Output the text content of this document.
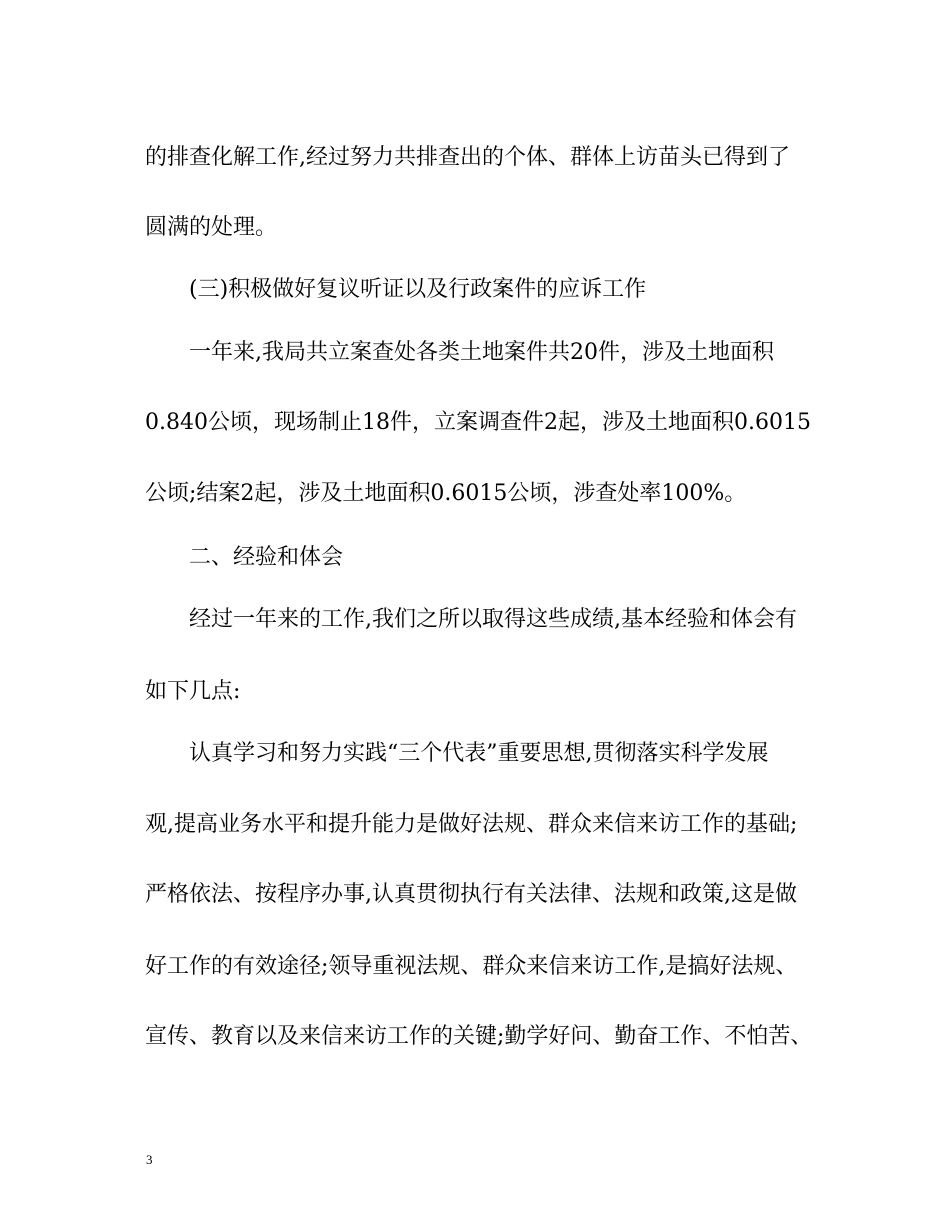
的排查化解工作,经过努力共排查出的个体、群体上访苗头已得到了

圆满的处理。

(三)积极做好复议听证以及行政案件的应诉工作

一年来,我局共立案查处各类土地案件共20件，涉及土地面积

0.840公顷，现场制止18件，立案调查件2起，涉及土地面积0.6015

公顷;结案2起，涉及土地面积0.6015公顷，涉查处率100%。

二、经验和体会

经过一年来的工作,我们之所以取得这些成绩,基本经验和体会有

如下几点:

认真学习和努力实践“三个代表”重要思想,贯彻落实科学发展

观,提高业务水平和提升能力是做好法规、群众来信来访工作的基础;

严格依法、按程序办事,认真贯彻执行有关法律、法规和政策,这是做

好工作的有效途径;领导重视法规、群众来信来访工作,是搞好法规、

宣传、教育以及来信来访工作的关键;勤学好问、勤奋工作、不怕苦、

3
